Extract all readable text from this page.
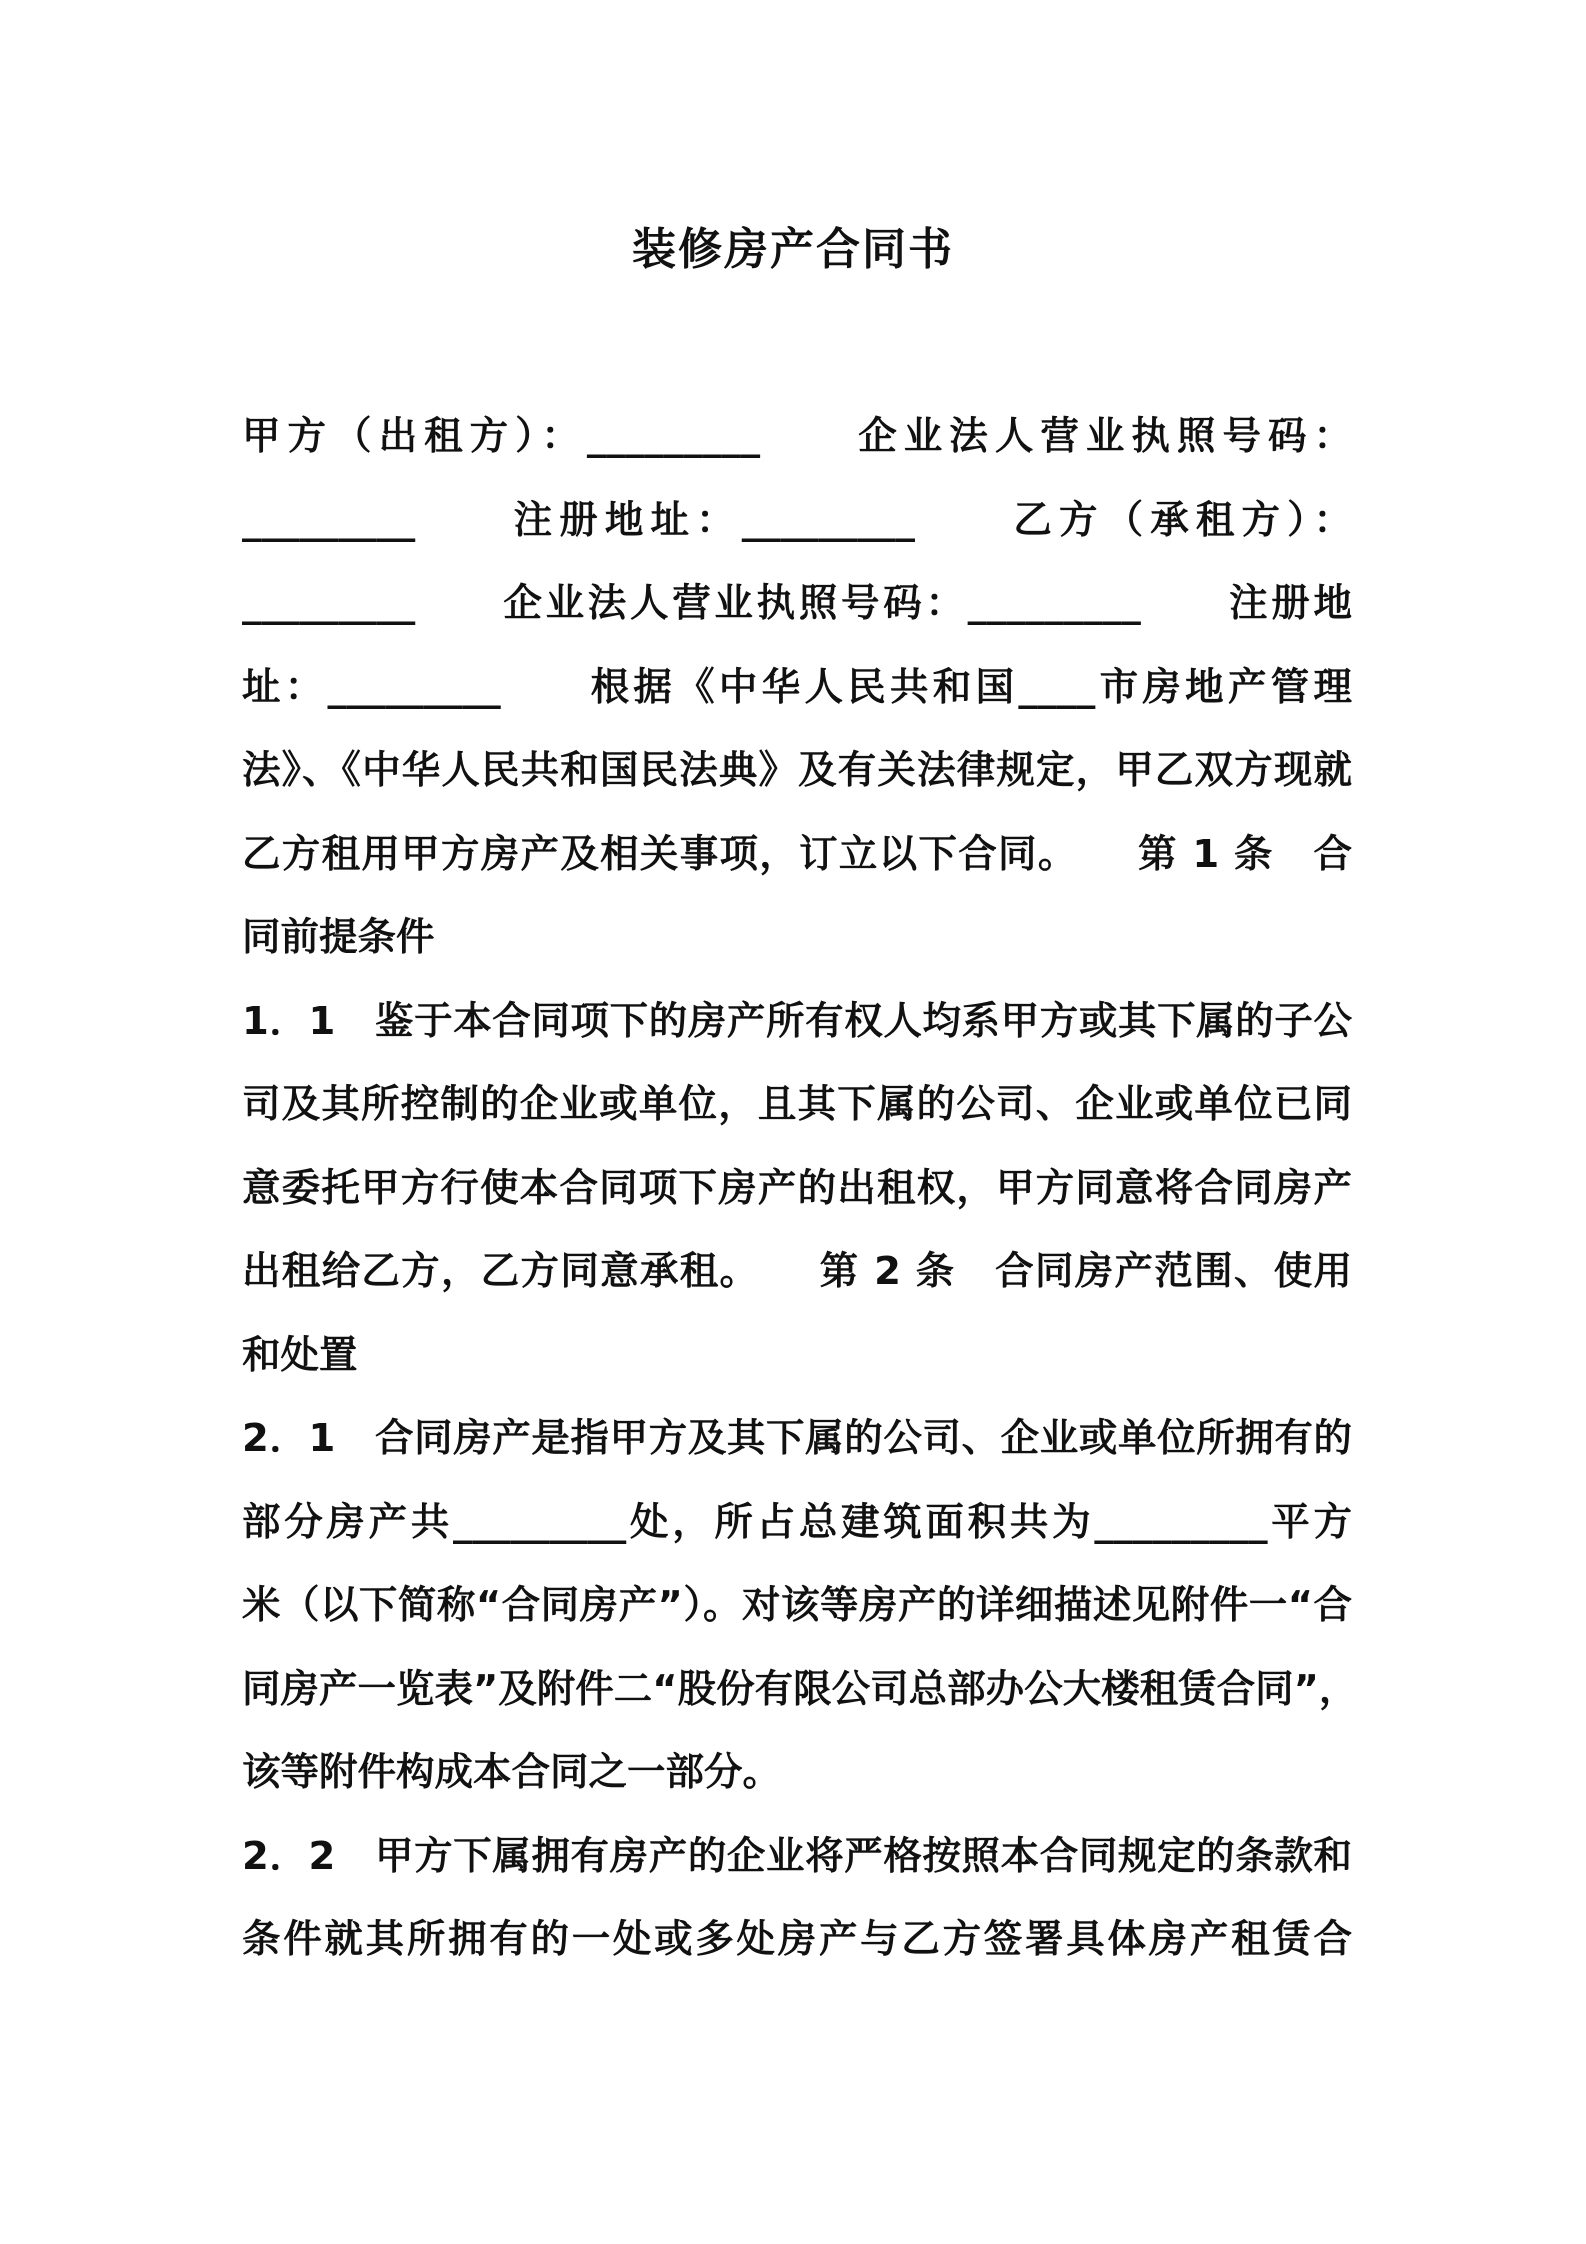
装修房产合同书
甲方（出租方）：_________　　企业法人营业执照号码：
_________　　注册地址：_________　　乙方（承租方）：
_________　　企业法人营业执照号码：_________　　注册地
址：_________　　根据《中华人民共和国____市房地产管理
法》、《中华人民共和国民法典》及有关法律规定，甲乙双方现就
乙方租用甲方房产及相关事项，订立以下合同。　　第 1 条　合
同前提条件
1．1　鉴于本合同项下的房产所有权人均系甲方或其下属的子公
司及其所控制的企业或单位，且其下属的公司、企业或单位已同
意委托甲方行使本合同项下房产的出租权，甲方同意将合同房产
出租给乙方，乙方同意承租。　　第 2 条　合同房产范围、使用
和处置
2．1　合同房产是指甲方及其下属的公司、企业或单位所拥有的
部分房产共_________处，所占总建筑面积共为_________平方
米（以下简称“合同房产”）。对该等房产的详细描述见附件一“合
同房产一览表”及附件二“股份有限公司总部办公大楼租赁合同”，
该等附件构成本合同之一部分。
2．2　甲方下属拥有房产的企业将严格按照本合同规定的条款和
条件就其所拥有的一处或多处房产与乙方签署具体房产租赁合
